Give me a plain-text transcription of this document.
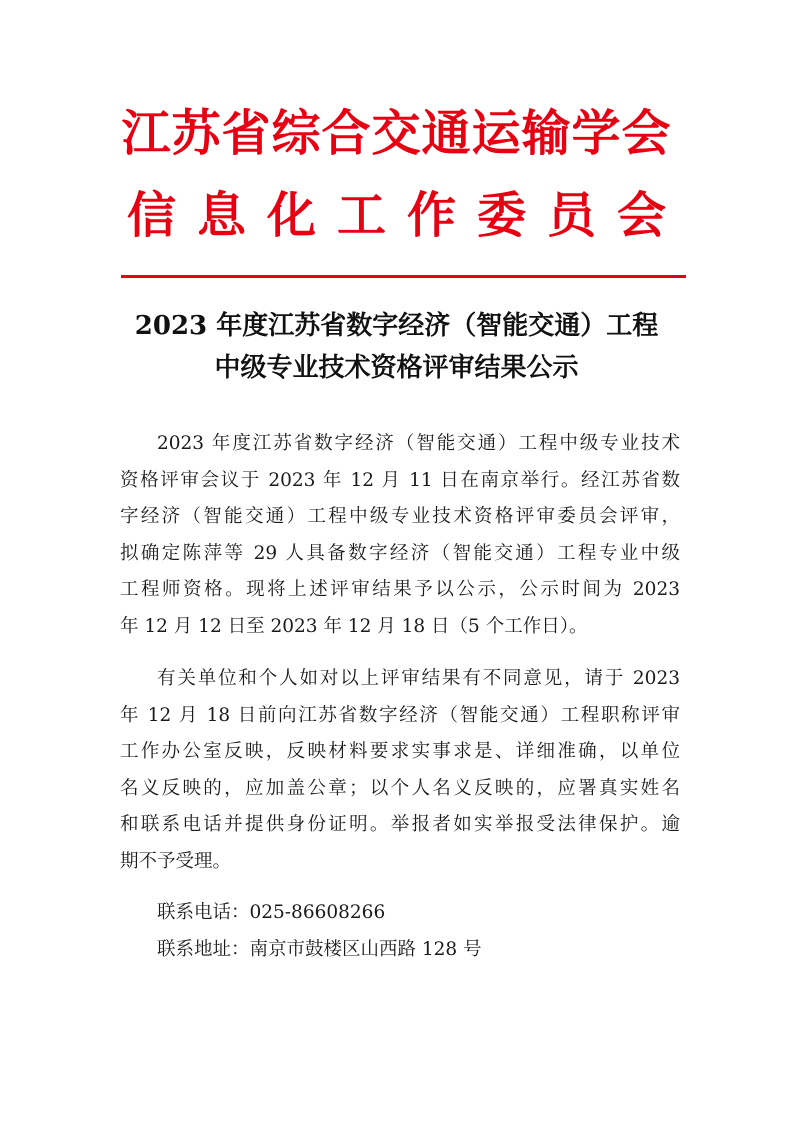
江苏省综合交通运输学会
信息化工作委员会
2023 年度江苏省数字经济（智能交通）工程
中级专业技术资格评审结果公示
2023 年度江苏省数字经济（智能交通）工程中级专业技术
资格评审会议于 2023 年 12 月 11 日在南京举行。经江苏省数
字经济（智能交通）工程中级专业技术资格评审委员会评审，
拟确定陈萍等 29 人具备数字经济（智能交通）工程专业中级
工程师资格。现将上述评审结果予以公示，公示时间为 2023
年 12 月 12 日至 2023 年 12 月 18 日（5 个工作日）。
有关单位和个人如对以上评审结果有不同意见，请于 2023
年 12 月 18 日前向江苏省数字经济（智能交通）工程职称评审
工作办公室反映，反映材料要求实事求是、详细准确，以单位
名义反映的，应加盖公章；以个人名义反映的，应署真实姓名
和联系电话并提供身份证明。举报者如实举报受法律保护。逾
期不予受理。
联系电话：025-86608266
联系地址：南京市鼓楼区山西路 128 号
